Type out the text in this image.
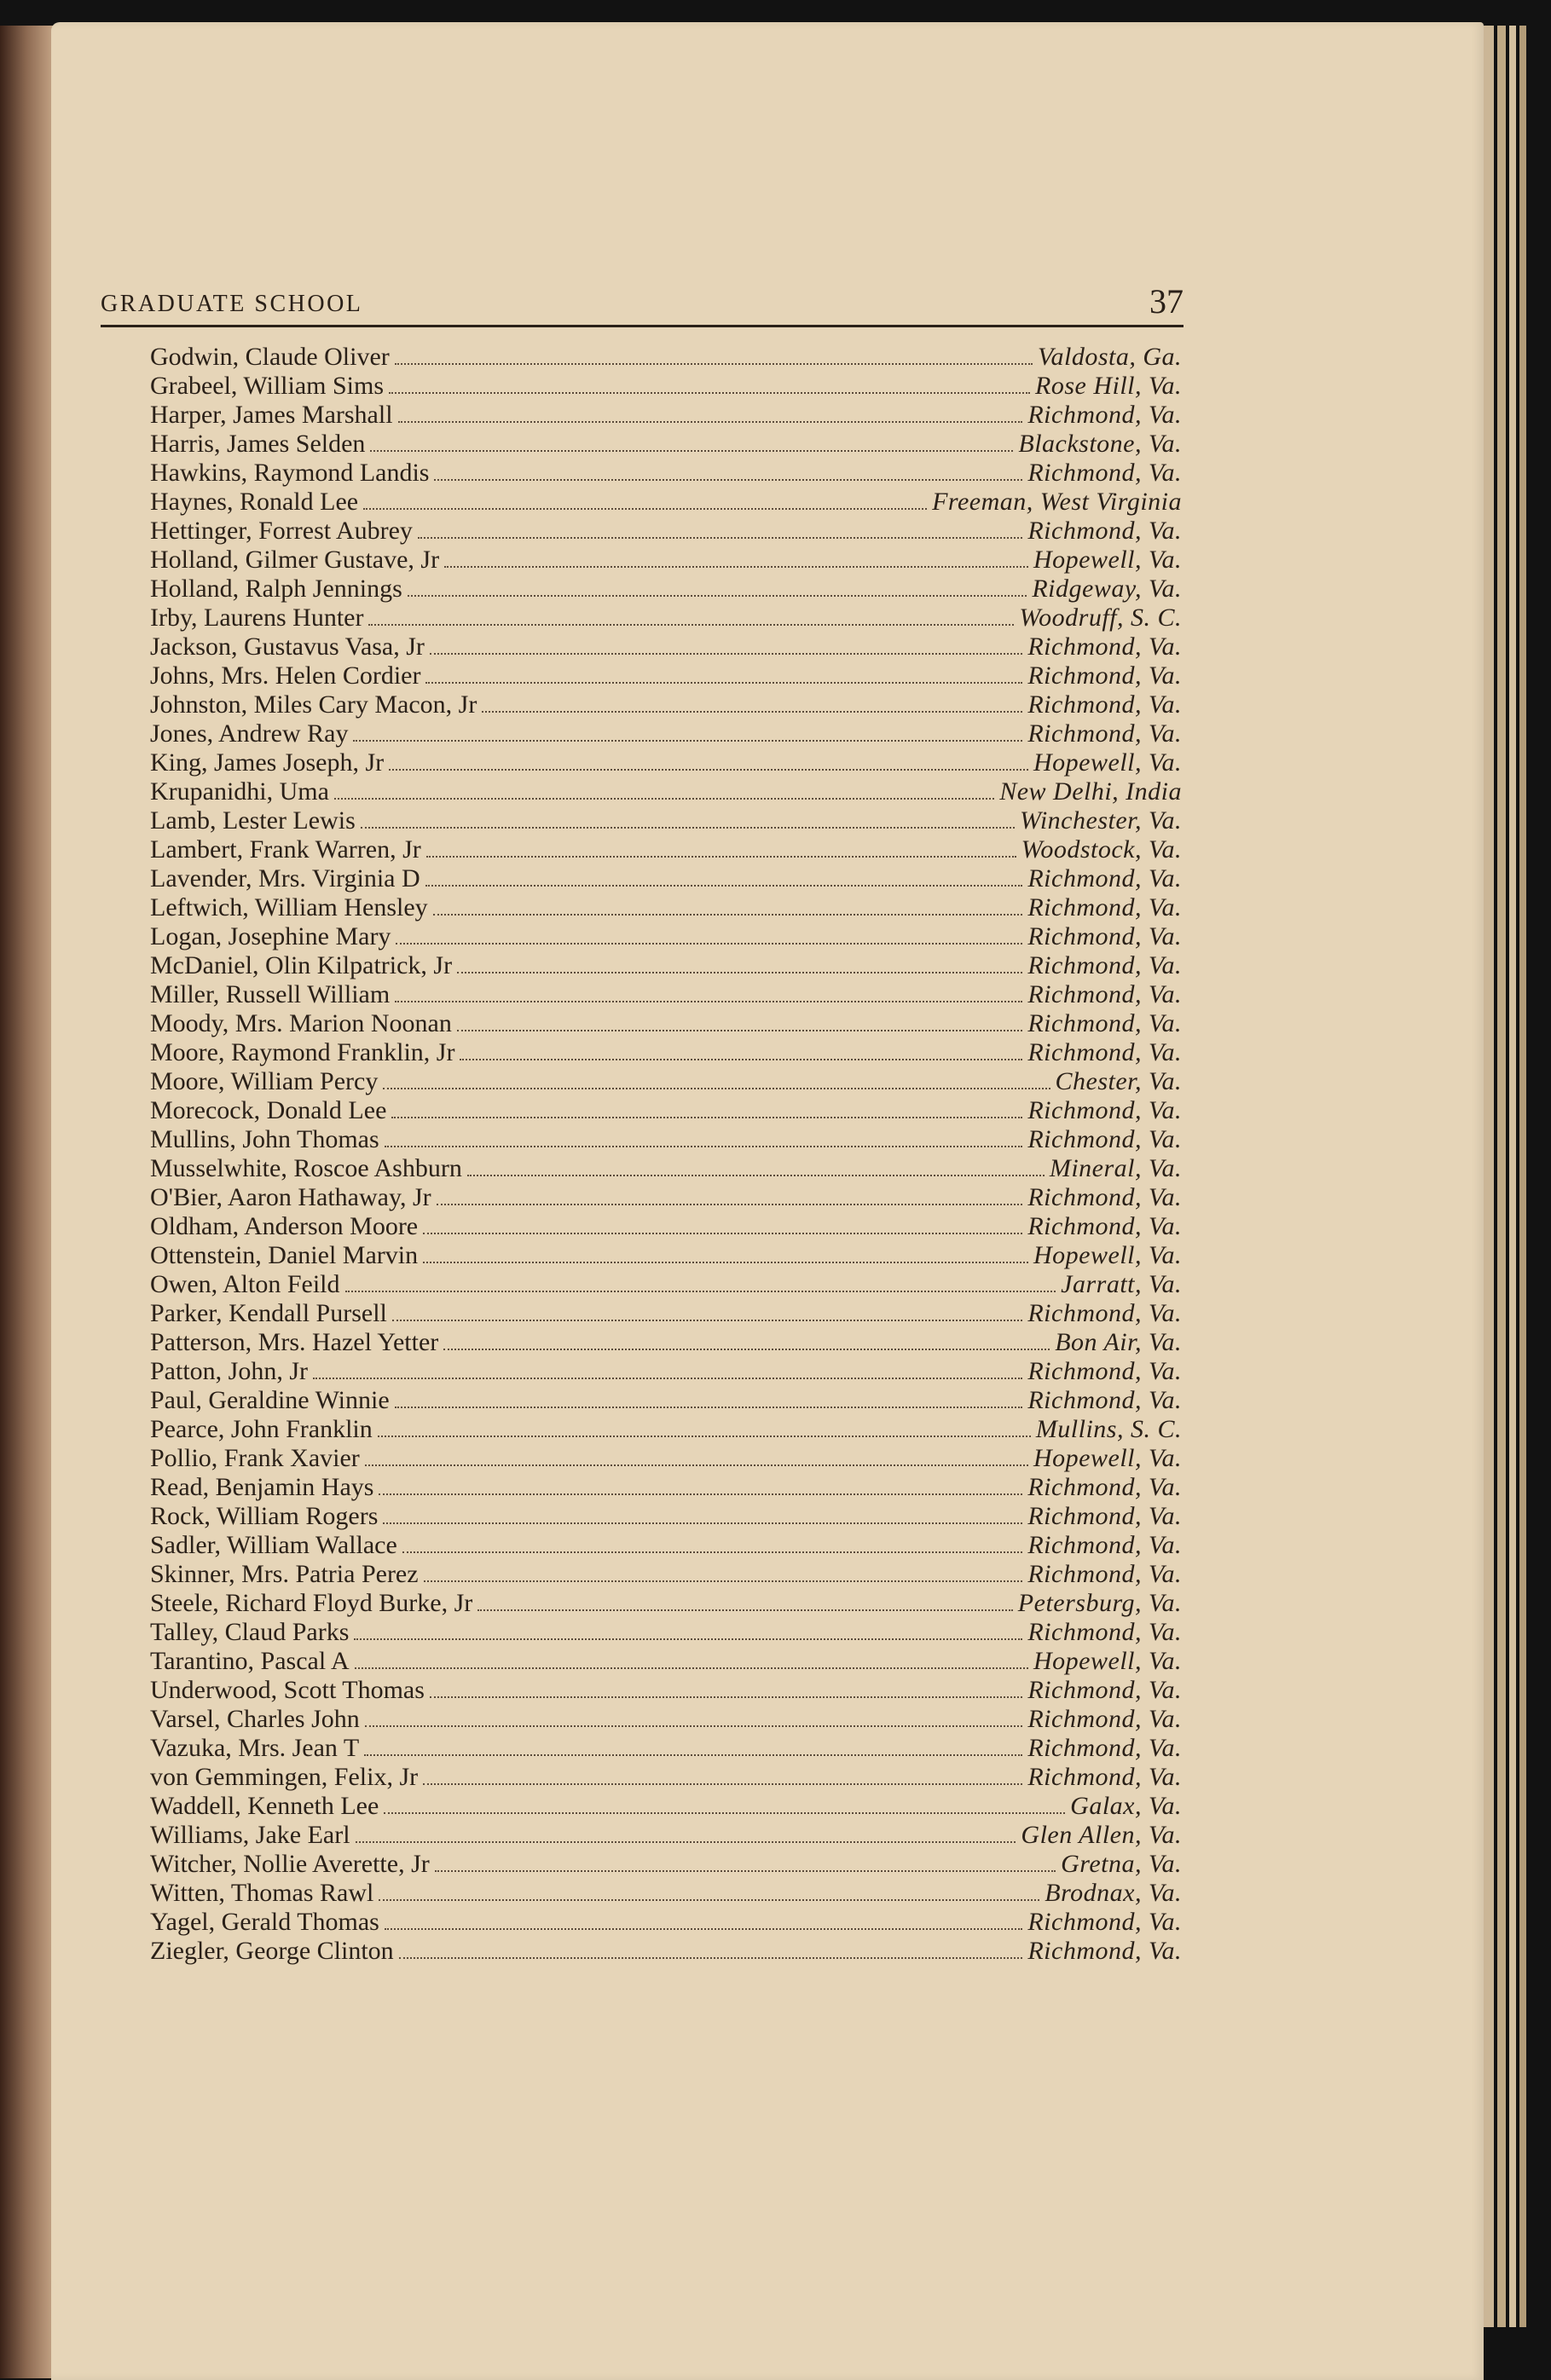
GRADUATE SCHOOL	37
Godwin, Claude Oliver	Valdosta, Ga.
Grabeel, William Sims	Rose Hill, Va.
Harper, James Marshall	Richmond, Va.
Harris, James Selden	Blackstone, Va.
Hawkins, Raymond Landis	Richmond, Va.
Haynes, Ronald Lee	Freeman, West Virginia
Hettinger, Forrest Aubrey	Richmond, Va.
Holland, Gilmer Gustave, Jr	Hopewell, Va.
Holland, Ralph Jennings	Ridgeway, Va.
Irby, Laurens Hunter	Woodruff, S. C.
Jackson, Gustavus Vasa, Jr	Richmond, Va.
Johns, Mrs. Helen Cordier	Richmond, Va.
Johnston, Miles Cary Macon, Jr	Richmond, Va.
Jones, Andrew Ray	Richmond, Va.
King, James Joseph, Jr	Hopewell, Va.
Krupanidhi, Uma	New Delhi, India
Lamb, Lester Lewis	Winchester, Va.
Lambert, Frank Warren, Jr	Woodstock, Va.
Lavender, Mrs. Virginia D	Richmond, Va.
Leftwich, William Hensley	Richmond, Va.
Logan, Josephine Mary	Richmond, Va.
McDaniel, Olin Kilpatrick, Jr	Richmond, Va.
Miller, Russell William	Richmond, Va.
Moody, Mrs. Marion Noonan	Richmond, Va.
Moore, Raymond Franklin, Jr	Richmond, Va.
Moore, William Percy	Chester, Va.
Morecock, Donald Lee	Richmond, Va.
Mullins, John Thomas	Richmond, Va.
Musselwhite, Roscoe Ashburn	Mineral, Va.
O'Bier, Aaron Hathaway, Jr	Richmond, Va.
Oldham, Anderson Moore	Richmond, Va.
Ottenstein, Daniel Marvin	Hopewell, Va.
Owen, Alton Feild	Jarratt, Va.
Parker, Kendall Pursell	Richmond, Va.
Patterson, Mrs. Hazel Yetter	Bon Air, Va.
Patton, John, Jr	Richmond, Va.
Paul, Geraldine Winnie	Richmond, Va.
Pearce, John Franklin	Mullins, S. C.
Pollio, Frank Xavier	Hopewell, Va.
Read, Benjamin Hays	Richmond, Va.
Rock, William Rogers	Richmond, Va.
Sadler, William Wallace	Richmond, Va.
Skinner, Mrs. Patria Perez	Richmond, Va.
Steele, Richard Floyd Burke, Jr	Petersburg, Va.
Talley, Claud Parks	Richmond, Va.
Tarantino, Pascal A	Hopewell, Va.
Underwood, Scott Thomas	Richmond, Va.
Varsel, Charles John	Richmond, Va.
Vazuka, Mrs. Jean T	Richmond, Va.
von Gemmingen, Felix, Jr	Richmond, Va.
Waddell, Kenneth Lee	Galax, Va.
Williams, Jake Earl	Glen Allen, Va.
Witcher, Nollie Averette, Jr	Gretna, Va.
Witten, Thomas Rawl	Brodnax, Va.
Yagel, Gerald Thomas	Richmond, Va.
Ziegler, George Clinton	Richmond, Va.
